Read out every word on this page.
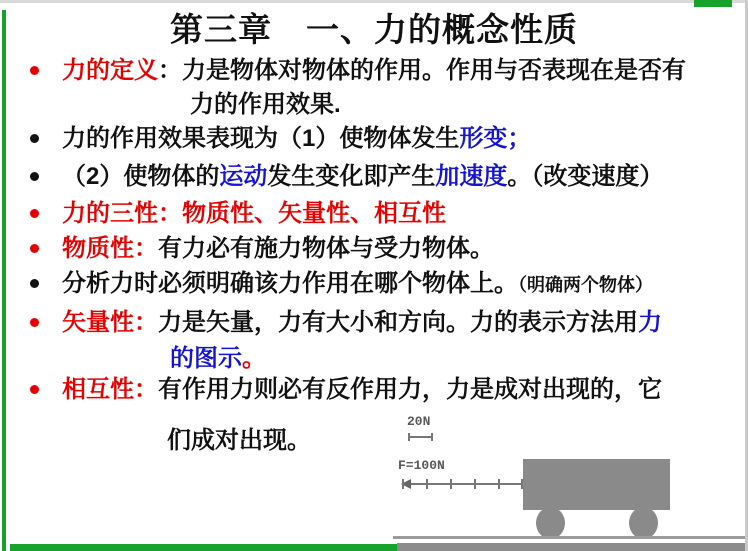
第三章　一、力的概念性质
力的定义：力是物体对物体的作用。作用与否表现在是否有
力的作用效果.
力的作用效果表现为（1）使物体发生形变；
（2）使物体的运动发生变化即产生加速度。（改变速度）
力的三性：物质性、矢量性、相互性
物质性：有力必有施力物体与受力物体。
分析力时必须明确该力作用在哪个物体上。（明确两个物体）
矢量性：力是矢量，力有大小和方向。力的表示方法用力
的图示。
相互性：有作用力则必有反作用力，力是成对出现的，它
们成对出现。
20N
F=100N
